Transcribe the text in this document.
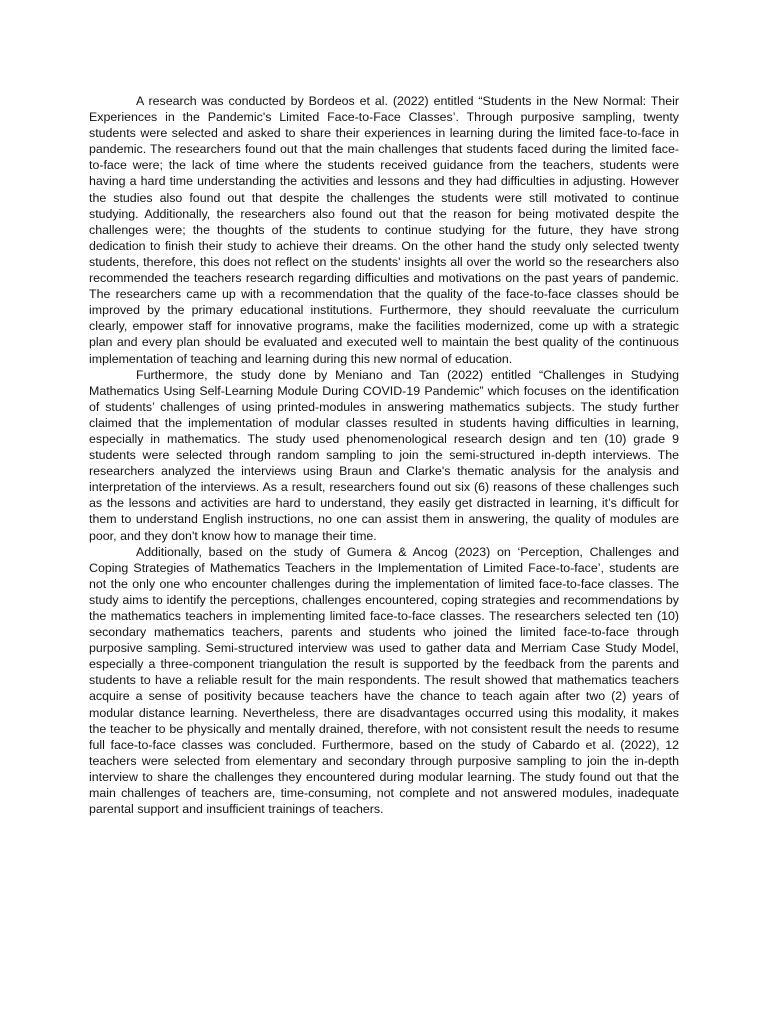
A research was conducted by Bordeos et al. (2022) entitled “Students in the New Normal: Their Experiences in the Pandemic's Limited Face-to-Face Classes’. Through purposive sampling, twenty students were selected and asked to share their experiences in learning during the limited face-to-face in pandemic. The researchers found out that the main challenges that students faced during the limited face-to-face were; the lack of time where the students received guidance from the teachers, students were having a hard time understanding the activities and lessons and they had difficulties in adjusting. However the studies also found out that despite the challenges the students were still motivated to continue studying. Additionally, the researchers also found out that the reason for being motivated despite the challenges were; the thoughts of the students to continue studying for the future, they have strong dedication to finish their study to achieve their dreams. On the other hand the study only selected twenty students, therefore, this does not reflect on the students' insights all over the world so the researchers also recommended the teachers research regarding difficulties and motivations on the past years of pandemic. The researchers came up with a recommendation that the quality of the face-to-face classes should be improved by the primary educational institutions. Furthermore, they should reevaluate the curriculum clearly, empower staff for innovative programs, make the facilities modernized, come up with a strategic plan and every plan should be evaluated and executed well to maintain the best quality of the continuous implementation of teaching and learning during this new normal of education.

Furthermore, the study done by Meniano and Tan (2022) entitled “Challenges in Studying Mathematics Using Self-Learning Module During COVID-19 Pandemic” which focuses on the identification of students’ challenges of using printed-modules in answering mathematics subjects. The study further claimed that the implementation of modular classes resulted in students having difficulties in learning, especially in mathematics. The study used phenomenological research design and ten (10) grade 9 students were selected through random sampling to join the semi-structured in-depth interviews. The researchers analyzed the interviews using Braun and Clarke's thematic analysis for the analysis and interpretation of the interviews. As a result, researchers found out six (6) reasons of these challenges such as the lessons and activities are hard to understand, they easily get distracted in learning, it’s difficult for them to understand English instructions, no one can assist them in answering, the quality of modules are poor, and they don't know how to manage their time.

Additionally, based on the study of Gumera & Ancog (2023) on ‘Perception, Challenges and Coping Strategies of Mathematics Teachers in the Implementation of Limited Face-to-face’, students are not the only one who encounter challenges during the implementation of limited face-to-face classes. The study aims to identify the perceptions, challenges encountered, coping strategies and recommendations by the mathematics teachers in implementing limited face-to-face classes. The researchers selected ten (10) secondary mathematics teachers, parents and students who joined the limited face-to-face through purposive sampling. Semi-structured interview was used to gather data and Merriam Case Study Model, especially a three-component triangulation the result is supported by the feedback from the parents and students to have a reliable result for the main respondents. The result showed that mathematics teachers acquire a sense of positivity because teachers have the chance to teach again after two (2) years of modular distance learning. Nevertheless, there are disadvantages occurred using this modality, it makes the teacher to be physically and mentally drained, therefore, with not consistent result the needs to resume full face-to-face classes was concluded. Furthermore, based on the study of Cabardo et al. (2022), 12 teachers were selected from elementary and secondary through purposive sampling to join the in-depth interview to share the challenges they encountered during modular learning. The study found out that the main challenges of teachers are, time-consuming, not complete and not answered modules, inadequate parental support and insufficient trainings of teachers.
